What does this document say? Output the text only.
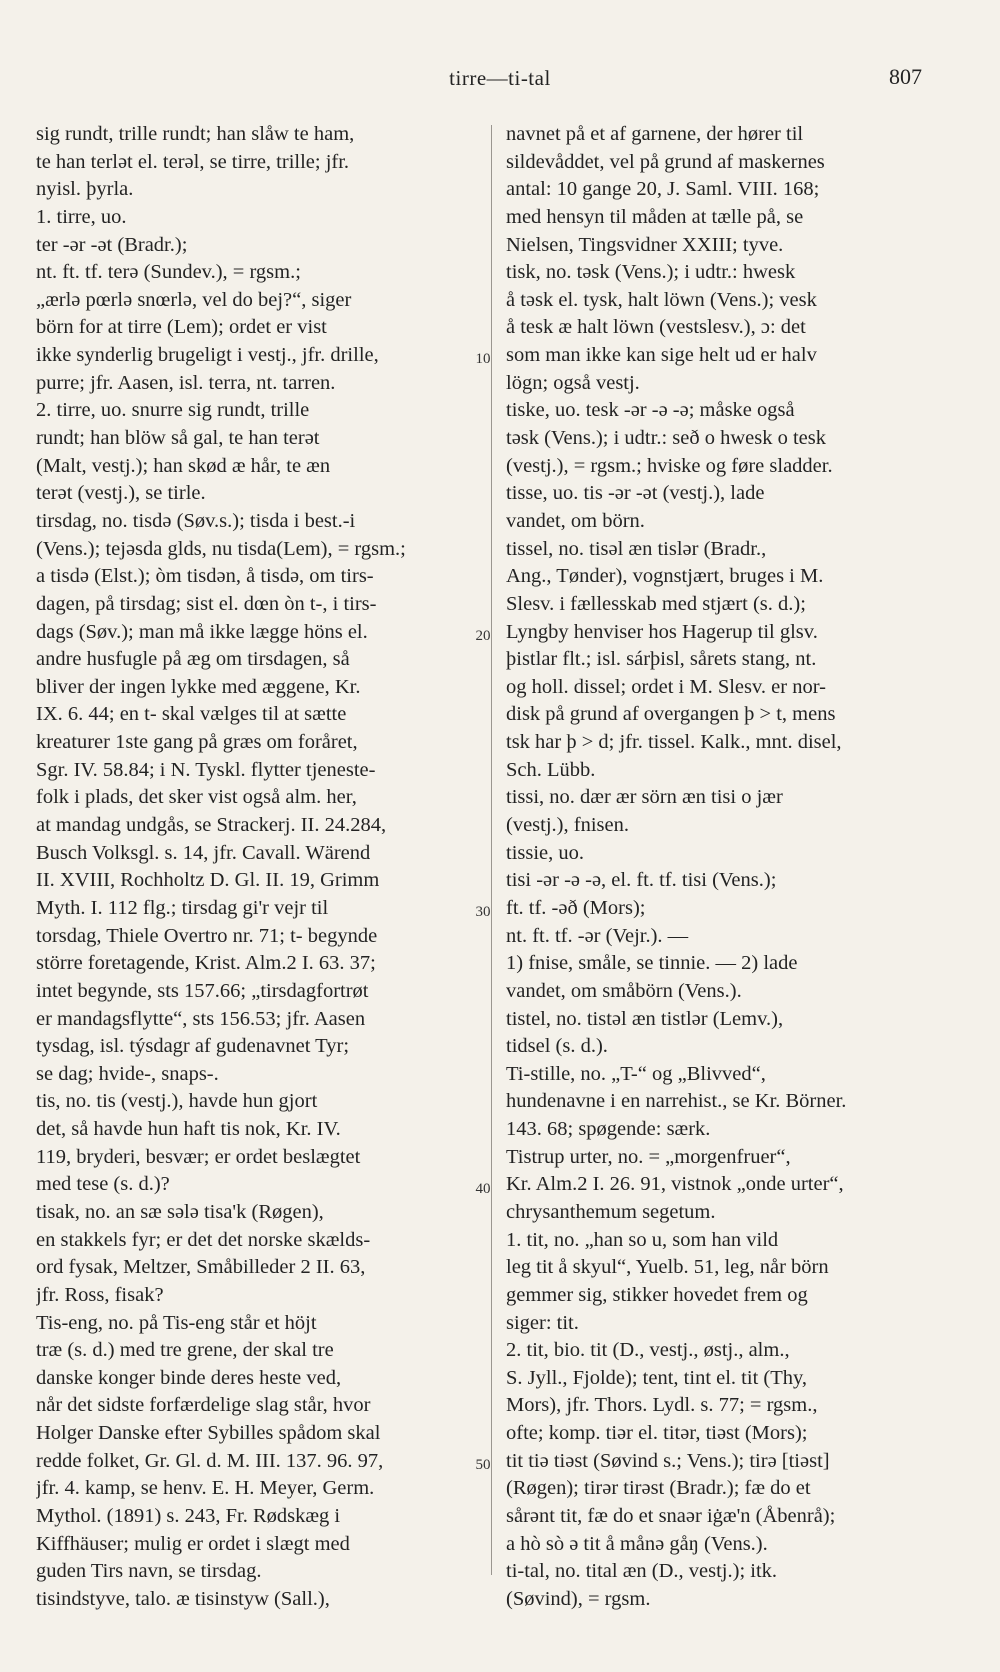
tirre—ti-tal	807
sig rundt, trille rundt; han slåw te ham,
te han terlət el. terəl, se tirre, trille; jfr.
nyisl. þyrla.
1. tirre, uo.
ter -ər -ət (Bradr.);
nt. ft. tf. terə (Sundev.), = rgsm.;
„ærlə pœrlə snœrlə, vel do bej?“, siger
börn for at tirre (Lem); ordet er vist
ikke synderlig brugeligt i vestj., jfr. drille,
purre; jfr. Aasen, isl. terra, nt. tarren.
2. tirre, uo. snurre sig rundt, trille
rundt; han blöw så gal, te han terət
(Malt, vestj.); han skød æ hår, te æn
terət (vestj.), se tirle.
tirsdag, no. tisdə (Søv.s.); tisda i best.-i
(Vens.); tejəsda glds, nu tisda(Lem), = rgsm.;
a tisdə (Elst.); òm tisdən, å tisdə, om tirs-
dagen, på tirsdag; sist el. dœn òn t-, i tirs-
dags (Søv.); man må ikke lægge höns el.
andre husfugle på æg om tirsdagen, så
bliver der ingen lykke med æggene, Kr.
IX. 6. 44; en t- skal vælges til at sætte
kreaturer 1ste gang på græs om foråret,
Sgr. IV. 58.84; i N. Tyskl. flytter tjeneste-
folk i plads, det sker vist også alm. her,
at mandag undgås, se Strackerj. II. 24.284,
Busch Volksgl. s. 14, jfr. Cavall. Wärend
II. XVIII, Rochholtz D. Gl. II. 19, Grimm
Myth. I. 112 flg.; tirsdag gi'r vejr til
torsdag, Thiele Overtro nr. 71; t- begynde
större foretagende, Krist. Alm.2 I. 63. 37;
intet begynde, sts 157.66; „tirsdagfortrøt
er mandagsflytte“, sts 156.53; jfr. Aasen
tysdag, isl. týsdagr af gudenavnet Tyr;
se dag; hvide-, snaps-.
tis, no. tis (vestj.), havde hun gjort
det, så havde hun haft tis nok, Kr. IV.
119, bryderi, besvær; er ordet beslægtet
med tese (s. d.)?
tisak, no. an sæ sələ tisa'k (Røgen),
en stakkels fyr; er det det norske skælds-
ord fysak, Meltzer, Småbilleder 2 II. 63,
jfr. Ross, fisak?
Tis-eng, no. på Tis-eng står et höjt
træ (s. d.) med tre grene, der skal tre
danske konger binde deres heste ved,
når det sidste forfærdelige slag står, hvor
Holger Danske efter Sybilles spådom skal
redde folket, Gr. Gl. d. M. III. 137. 96. 97,
jfr. 4. kamp, se henv. E. H. Meyer, Germ.
Mythol. (1891) s. 243, Fr. Rødskæg i
Kiffhäuser; mulig er ordet i slægt med
guden Tirs navn, se tirsdag.
tisindstyve, talo. æ tisinstyw (Sall.),
navnet på et af garnene, der hører til
sildevåddet, vel på grund af maskernes
antal: 10 gange 20, J. Saml. VIII. 168;
med hensyn til måden at tælle på, se
Nielsen, Tingsvidner XXIII; tyve.
tisk, no. təsk (Vens.); i udtr.: hwesk
å təsk el. tysk, halt löwn (Vens.); vesk
å tesk æ halt löwn (vestslesv.), ɔ: det
som man ikke kan sige helt ud er halv
lögn; også vestj.
tiske, uo. tesk -ər -ə -ə; måske også
təsk (Vens.); i udtr.: seð o hwesk o tesk
(vestj.), = rgsm.; hviske og føre sladder.
tisse, uo. tis -ər -ət (vestj.), lade
vandet, om börn.
tissel, no. tisəl æn tislər (Bradr.,
Ang., Tønder), vognstjært, bruges i M.
Slesv. i fællesskab med stjært (s. d.);
Lyngby henviser hos Hagerup til glsv.
þistlar flt.; isl. sárþisl, sårets stang, nt.
og holl. dissel; ordet i M. Slesv. er nor-
disk på grund af overgangen þ > t, mens
tsk har þ > d; jfr. tissel. Kalk., mnt. disel,
Sch. Lübb.
tissi, no. dær ær sörn æn tisi o jær
(vestj.), fnisen.
tissie, uo.
tisi -ər -ə -ə, el. ft. tf. tisi (Vens.);
ft. tf. -əð (Mors);
nt. ft. tf. -ər (Vejr.). —
1) fnise, småle, se tinnie. — 2) lade
vandet, om småbörn (Vens.).
tistel, no. tistəl æn tistlər (Lemv.),
tidsel (s. d.).
Ti-stille, no. „T-“ og „Blivved“,
hundenavne i en narrehist., se Kr. Börner.
143. 68; spøgende: særk.
Tistrup urter, no. = „morgenfruer“,
Kr. Alm.2 I. 26. 91, vistnok „onde urter“,
chrysanthemum segetum.
1. tit, no. „han so u, som han vild
leg tit å skyul“, Yuelb. 51, leg, når börn
gemmer sig, stikker hovedet frem og
siger: tit.
2. tit, bio. tit (D., vestj., østj., alm.,
S. Jyll., Fjolde); tent, tint el. tit (Thy,
Mors), jfr. Thors. Lydl. s. 77; = rgsm.,
ofte; komp. tiər el. titər, tiəst (Mors);
tit tiə tiəst (Søvind s.; Vens.); tirə [tiəst]
(Røgen); tirər tirəst (Bradr.); fæ do et
sårənt tit, fæ do et snaər iġæ'n (Åbenrå);
a hò sò ə tit å månə gåŋ (Vens.).
ti-tal, no. tital æn (D., vestj.); itk.
(Søvind), = rgsm.
10
20
30
40
50
